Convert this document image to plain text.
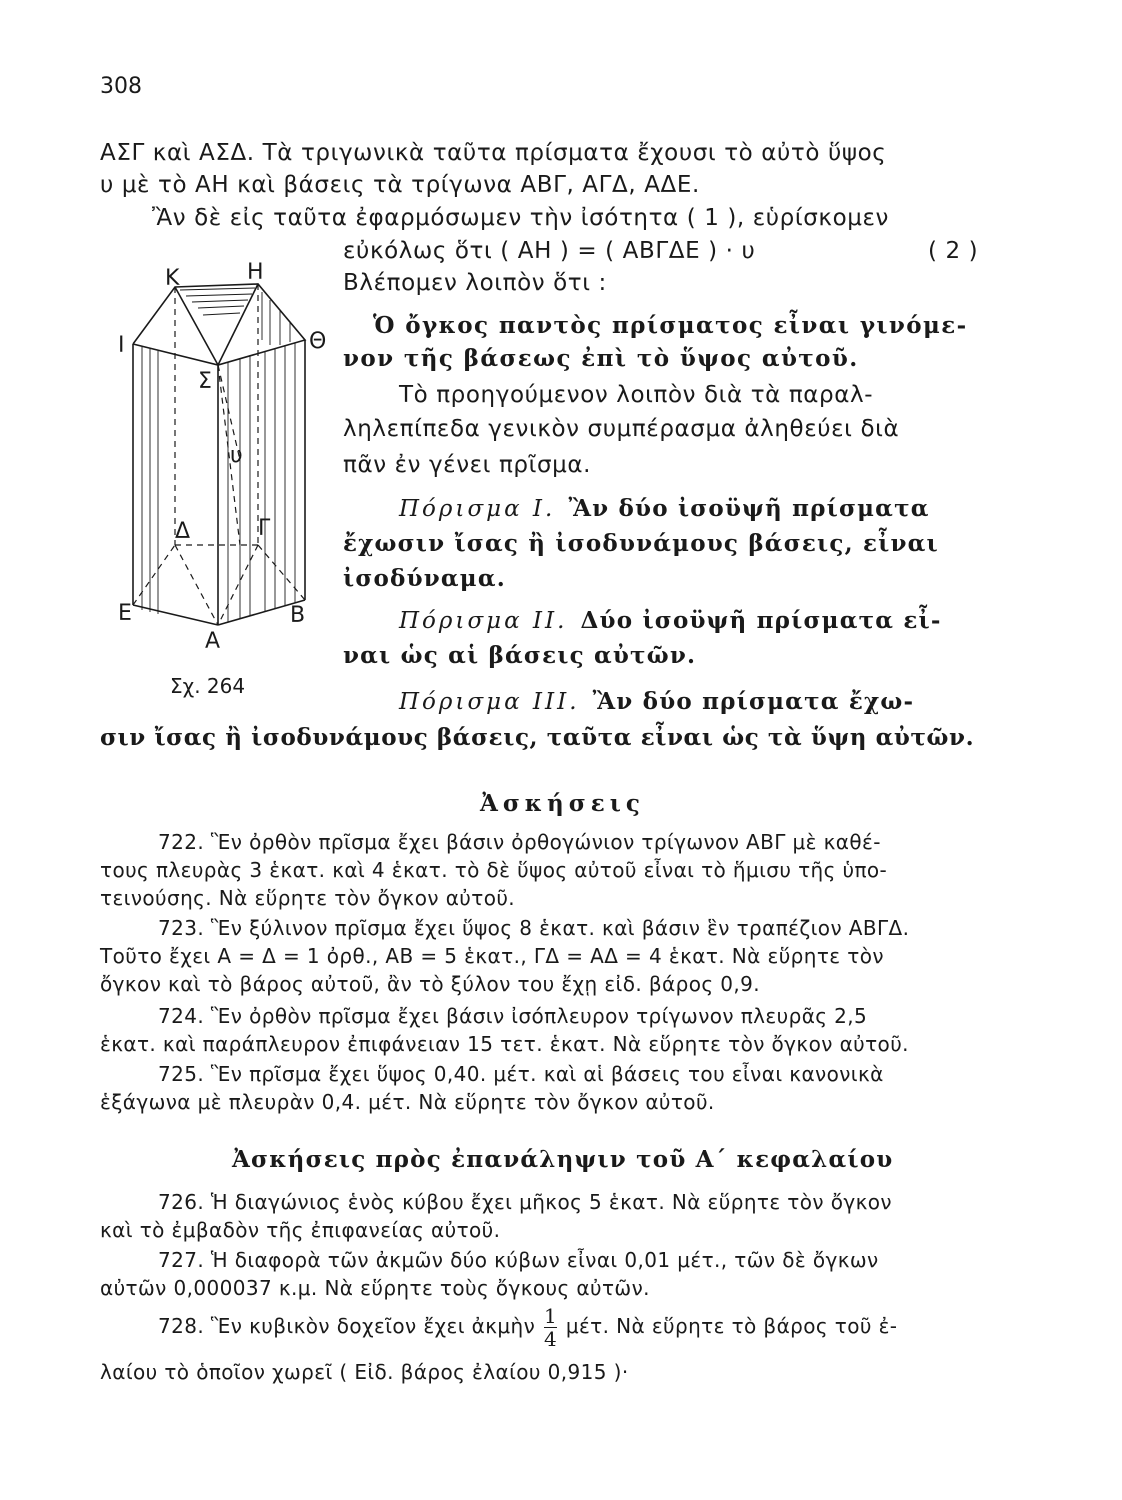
308
ΑΣΓ καὶ ΑΣΔ. Τὰ τριγωνικὰ ταῦτα πρίσματα ἔχουσι τὸ αὐτὸ ὕψος
υ μὲ τὸ ΑΗ καὶ βάσεις τὰ τρίγωνα ΑΒΓ, ΑΓΔ, ΑΔΕ.
Ἂν δὲ εἰς ταῦτα ἐφαρμόσωμεν τὴν ἰσότητα ( 1 ), εὑρίσκομεν
εὐκόλως ὅτι ( ΑΗ ) = ( ΑΒΓΔΕ ) · υ	( 2 )
Βλέπομεν λοιπὸν ὅτι :
Ὁ ὄγκος παντὸς πρίσματος εἶναι γινόμε-
νον τῆς βάσεως ἐπὶ τὸ ὕψος αὐτοῦ.
Τὸ προηγούμενον λοιπὸν διὰ τὰ παραλ-
ληλεπίπεδα γενικὸν συμπέρασμα ἀληθεύει διὰ
πᾶν ἐν γένει πρῖσμα.
Πόρισμα I. Ἂν δύο ἰσοϋψῆ πρίσματα
ἔχωσιν ἴσας ἢ ἰσοδυνάμους βάσεις, εἶναι
ἰσοδύναμα.
Πόρισμα II. Δύο ἰσοϋψῆ πρίσματα εἶ-
ναι ὡς αἱ βάσεις αὐτῶν.
Πόρισμα III. Ἂν δύο πρίσματα ἔχω-
σιν ἴσας ἢ ἰσοδυνάμους βάσεις, ταῦτα εἶναι ὡς τὰ ὕψη αὐτῶν.
Κ	Η
Ι	Θ
Σ
υ
Δ	Γ
Ε	Β
Α
Σχ. 264
Ἀσκήσεις
722. Ἓν ὀρθὸν πρῖσμα ἔχει βάσιν ὀρθογώνιον τρίγωνον ΑΒΓ μὲ καθέ-
τους πλευρὰς 3 ἑκατ. καὶ 4 ἑκατ. τὸ δὲ ὕψος αὐτοῦ εἶναι τὸ ἥμισυ τῆς ὑπο-
τεινούσης. Νὰ εὕρητε τὸν ὄγκον αὐτοῦ.
723. Ἓν ξύλινον πρῖσμα ἔχει ὕψος 8 ἑκατ. καὶ βάσιν ἓν τραπέζιον ΑΒΓΔ.
Τοῦτο ἔχει Α = Δ = 1 ὀρθ., ΑΒ = 5 ἑκατ., ΓΔ = ΑΔ = 4 ἑκατ. Νὰ εὕρητε τὸν
ὄγκον καὶ τὸ βάρος αὐτοῦ, ἂν τὸ ξύλον του ἔχῃ εἰδ. βάρος 0,9.
724. Ἓν ὀρθὸν πρῖσμα ἔχει βάσιν ἰσόπλευρον τρίγωνον πλευρᾶς 2,5
ἑκατ. καὶ παράπλευρον ἐπιφάνειαν 15 τετ. ἑκατ. Νὰ εὕρητε τὸν ὄγκον αὐτοῦ.
725. Ἓν πρῖσμα ἔχει ὕψος 0,40. μέτ. καὶ αἱ βάσεις του εἶναι κανονικὰ
ἑξάγωνα μὲ πλευρὰν 0,4. μέτ. Νὰ εὕρητε τὸν ὄγκον αὐτοῦ.
Ἀσκήσεις πρὸς ἐπανάληψιν τοῦ Α΄ κεφαλαίου
726. Ἡ διαγώνιος ἑνὸς κύβου ἔχει μῆκος 5 ἑκατ. Νὰ εὕρητε τὸν ὄγκον
καὶ τὸ ἐμβαδὸν τῆς ἐπιφανείας αὐτοῦ.
727. Ἡ διαφορὰ τῶν ἀκμῶν δύο κύβων εἶναι 0,01 μέτ., τῶν δὲ ὄγκων
αὐτῶν 0,000037 κ.μ. Νὰ εὕρητε τοὺς ὄγκους αὐτῶν.
728. Ἓν κυβικὸν δοχεῖον ἔχει ἀκμὴν $\frac{1}{4} \mu έ\tau$. Νὰ εὕρητε τὸ βάρος τοῦ ἐ-
λαίου τὸ ὁποῖον χωρεῖ ( Εἰδ. βάρος ἐλαίου 0,915 )·
